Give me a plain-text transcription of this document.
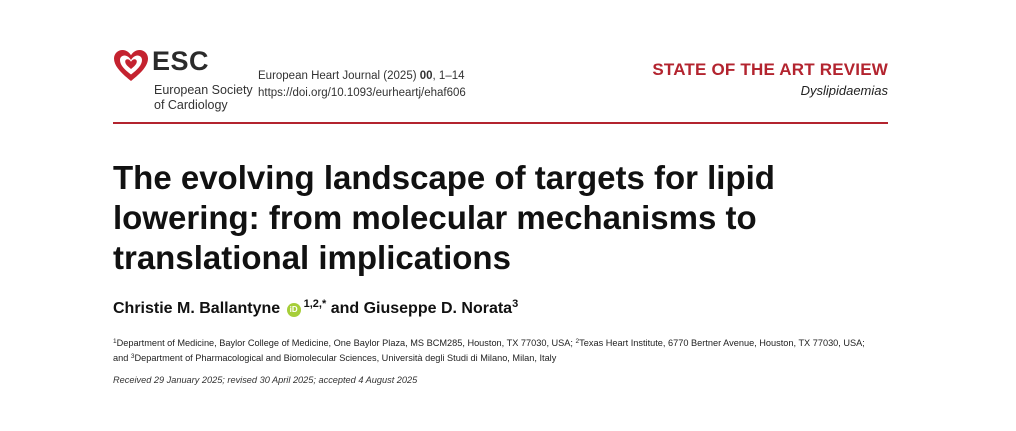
ESC
European Society
of Cardiology
European Heart Journal (2025) 00, 1–14
https://doi.org/10.1093/eurheartj/ehaf606
STATE OF THE ART REVIEW
Dyslipidaemias
The evolving landscape of targets for lipid
lowering: from molecular mechanisms to
translational implications
Christie M. Ballantyne iD $^{1,2,*}$ and Giuseppe D. Norata$^3$
$^1$Department of Medicine, Baylor College of Medicine, One Baylor Plaza, MS BCM285, Houston, TX 77030, USA; $^2$Texas Heart Institute, 6770 Bertner Avenue, Houston, TX 77030, USA;
and $^3$Department of Pharmacological and Biomolecular Sciences, Università degli Studi di Milano, Milan, Italy
Received 29 January 2025; revised 30 April 2025; accepted 4 August 2025
